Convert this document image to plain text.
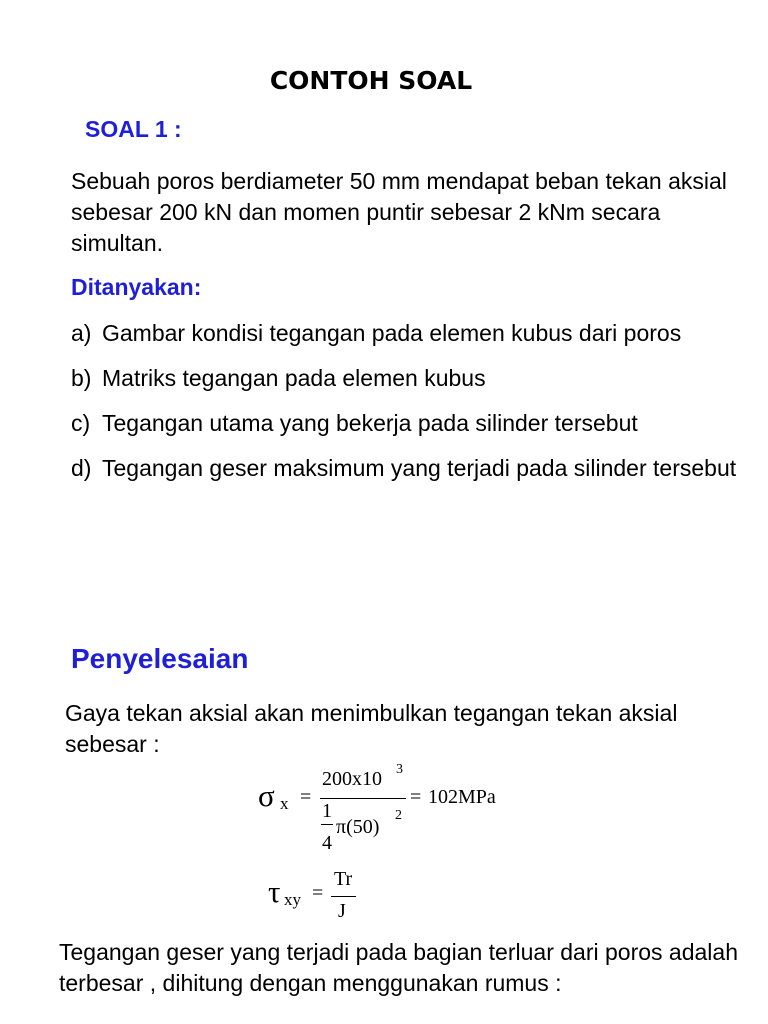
CONTOH SOAL
SOAL 1 :
Sebuah poros berdiameter 50 mm mendapat beban tekan aksial sebesar 200 kN dan momen puntir sebesar 2 kNm secara simultan.
Ditanyakan:
a) Gambar kondisi tegangan pada elemen kubus dari poros
b) Matriks tegangan pada elemen kubus
c) Tegangan utama yang bekerja pada silinder tersebut
d) Tegangan geser maksimum yang terjadi pada silinder tersebut
Penyelesaian
Gaya tekan aksial akan menimbulkan tegangan tekan aksial sebesar :
σ x =
200x10 3
1
4
π(50)
2
= 102MPa
τ xy =
Tr
J
Tegangan geser yang terjadi pada bagian terluar dari poros adalah terbesar , dihitung dengan menggunakan rumus :
